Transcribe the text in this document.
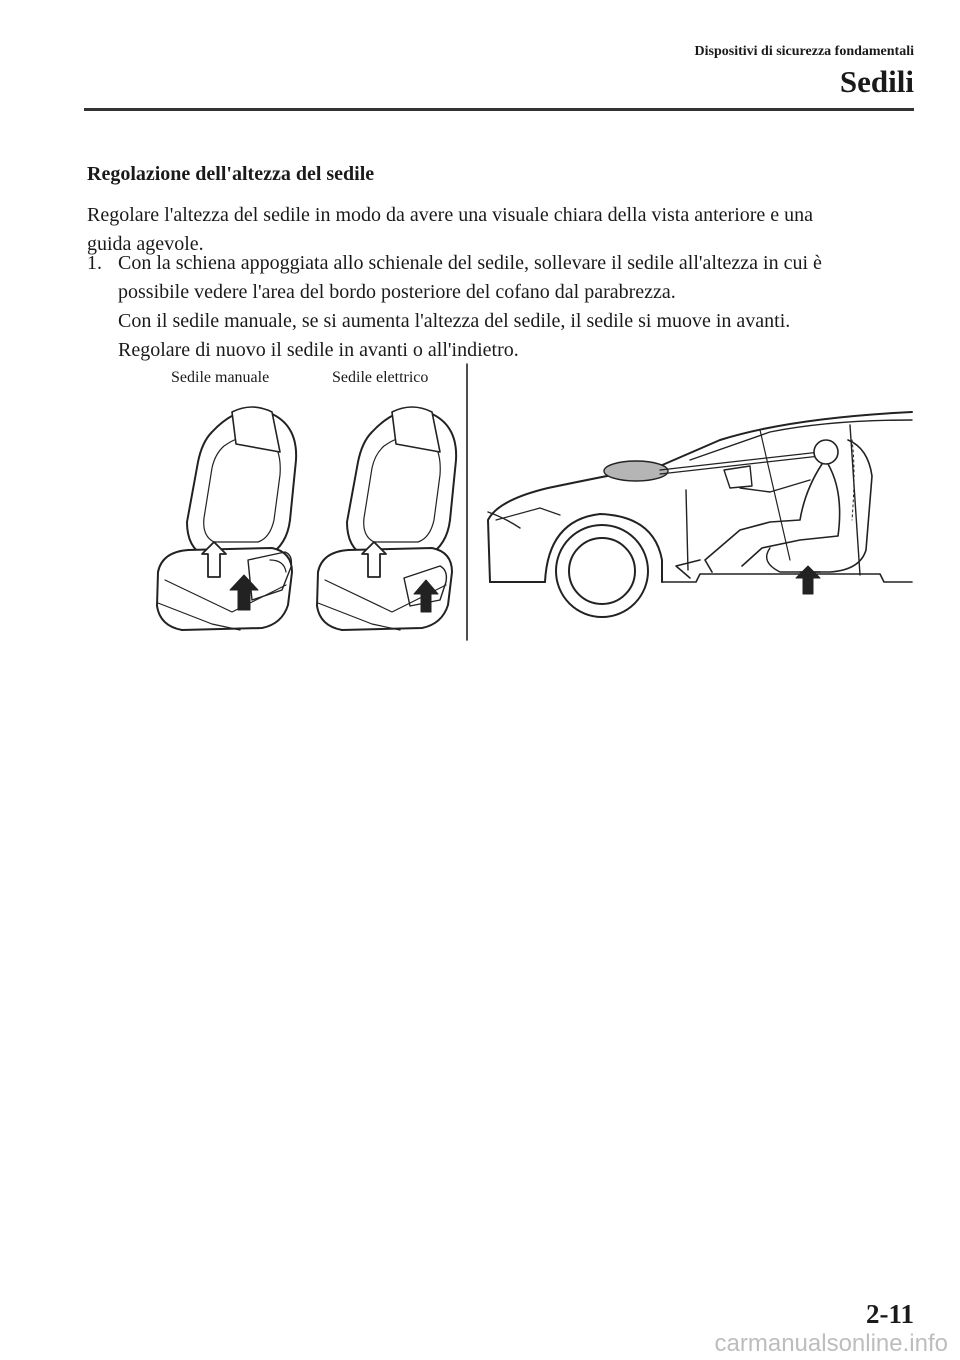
Dispositivi di sicurezza fondamentali
Sedili
Regolazione dell'altezza del sedile
Regolare l'altezza del sedile in modo da avere una visuale chiara della vista anteriore e una
guida agevole.
1. Con la schiena appoggiata allo schienale del sedile, sollevare il sedile all'altezza in cui è
possibile vedere l'area del bordo posteriore del cofano dal parabrezza.
Con il sedile manuale, se si aumenta l'altezza del sedile, il sedile si muove in avanti.
Regolare di nuovo il sedile in avanti o all'indietro.
Sedile manuale	Sedile elettrico
2-11
carmanualsonline.info
